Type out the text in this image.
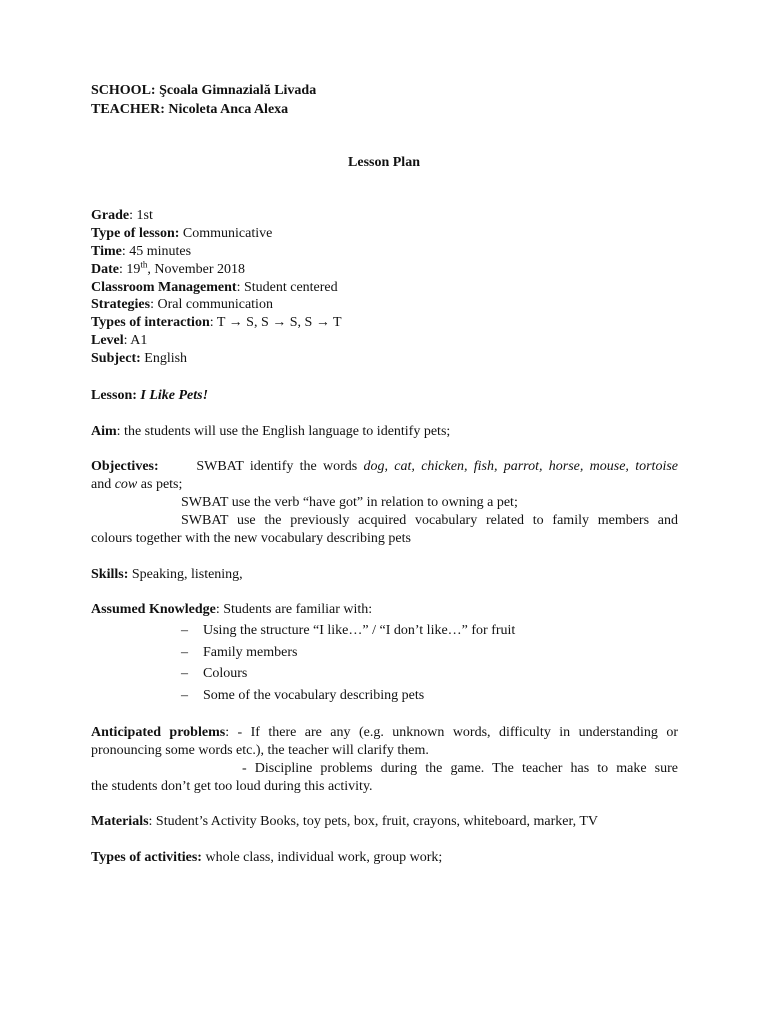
SCHOOL: Şcoala Gimnazială Livada
TEACHER: Nicoleta Anca Alexa
Lesson Plan
Grade: 1st
Type of lesson: Communicative
Time: 45 minutes
Date: 19th, November 2018
Classroom Management: Student centered
Strategies: Oral communication
Types of interaction: T → S, S → S, S → T
Level: A1
Subject: English
Lesson: I Like Pets!
Aim: the students will use the English language to identify pets;
Objectives:	SWBAT identify the words dog, cat, chicken, fish, parrot, horse, mouse, tortoise
and cow as pets;
SWBAT use the verb “have got” in relation to owning a pet;
SWBAT use the previously acquired vocabulary related to family members and
colours together with the new vocabulary describing pets
Skills: Speaking, listening,
Assumed Knowledge: Students are familiar with:
– Using the structure “I like…” / “I don’t like…” for fruit
– Family members
– Colours
– Some of the vocabulary describing pets
Anticipated problems: - If there are any (e.g. unknown words, difficulty in understanding or
pronouncing some words etc.), the teacher will clarify them.
- Discipline problems during the game. The teacher has to make sure
the students don’t get too loud during this activity.
Materials: Student’s Activity Books, toy pets, box, fruit, crayons, whiteboard, marker, TV
Types of activities: whole class, individual work, group work;
